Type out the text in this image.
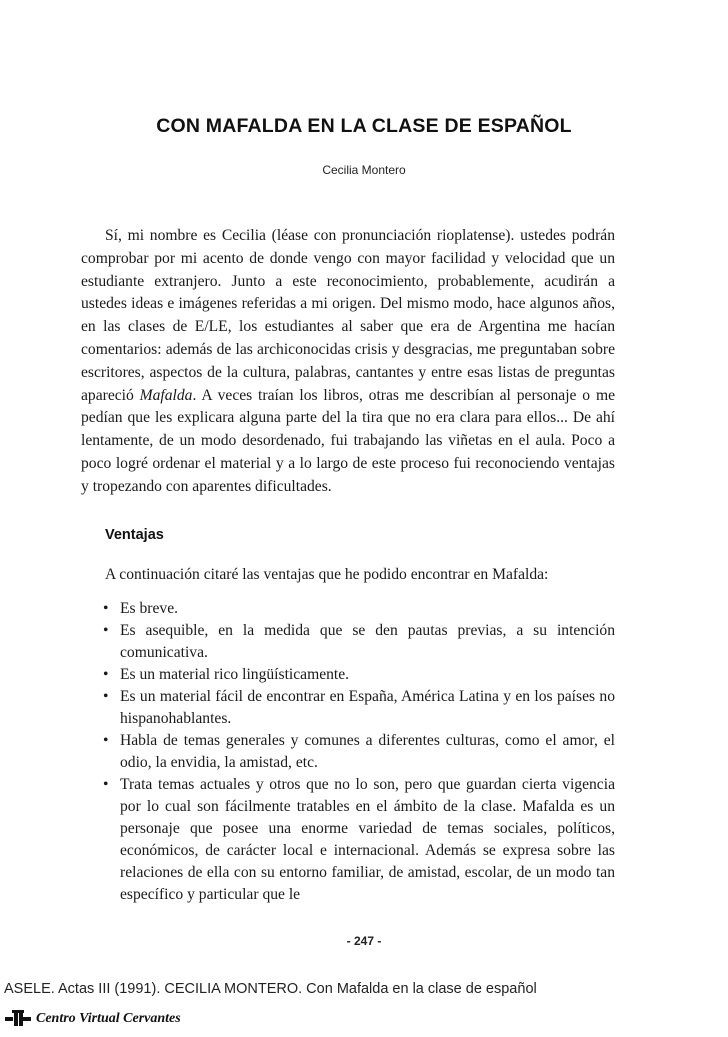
CON MAFALDA EN LA CLASE DE ESPAÑOL
Cecilia Montero

Sí, mi nombre es Cecilia (léase con pronunciación rioplatense). ustedes podrán comprobar por mi acento de donde vengo con mayor facilidad y velocidad que un estudiante extranjero. Junto a este reconocimiento, probablemente, acudirán a ustedes ideas e imágenes referidas a mi origen. Del mismo modo, hace algunos años, en las clases de E/LE, los estudiantes al saber que era de Argentina me hacían comentarios: además de las archiconocidas crisis y desgracias, me preguntaban sobre escritores, aspectos de la cultura, palabras, cantantes y entre esas listas de preguntas apareció Mafalda. A veces traían los libros, otras me describían al personaje o me pedían que les explicara alguna parte del la tira que no era clara para ellos... De ahí lentamente, de un modo desordenado, fui trabajando las viñetas en el aula. Poco a poco logré ordenar el material y a lo largo de este proceso fui reconociendo ventajas y tropezando con aparentes dificultades.

Ventajas

A continuación citaré las ventajas que he podido encontrar en Mafalda:

• Es breve.
• Es asequible, en la medida que se den pautas previas, a su intención comunicativa.
• Es un material rico lingüísticamente.
• Es un material fácil de encontrar en España, América Latina y en los países no hispanohablantes.
• Habla de temas generales y comunes a diferentes culturas, como el amor, el odio, la envidia, la amistad, etc.
• Trata temas actuales y otros que no lo son, pero que guardan cierta vigencia por lo cual son fácilmente tratables en el ámbito de la clase. Mafalda es un personaje que posee una enorme variedad de temas sociales, políticos, económicos, de carácter local e internacional. Además se expresa sobre las relaciones de ella con su entorno familiar, de amistad, escolar, de un modo tan específico y particular que le
- 247 -
ASELE. Actas III (1991). CECILIA MONTERO. Con Mafalda en la clase de español
Centro Virtual Cervantes
